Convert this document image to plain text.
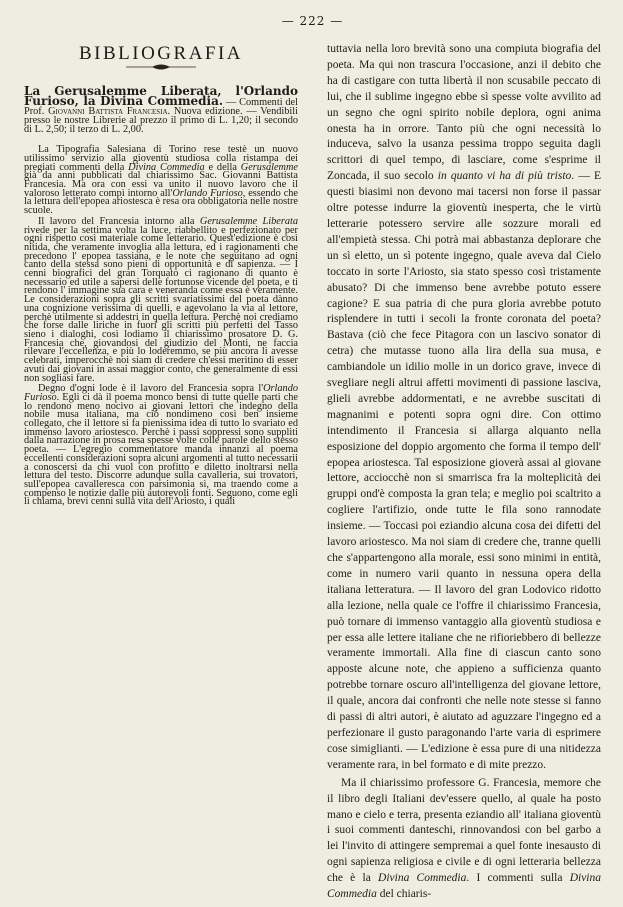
— 222 —
BIBLIOGRAFIA

La Gerusalemme Liberata, l'Orlando Furioso, la Divina Commedia. — Commenti del Prof. Giovanni Battista Francesia. Nuova edizione. — Vendibili presso le nostre Librerie al prezzo il primo di L. 1,20; il secondo di L. 2,50; il terzo di L. 2,00.

La Tipografia Salesiana di Torino rese testè un nuovo utilissimo servizio alla gioventù studiosa colla ristampa dei pregiati commenti della Divina Commedia e della Gerusalemme già da anni pubblicati dal chiarissimo Sac. Giovanni Battista Francesia. Ma ora con essi va unito il nuovo lavoro che il valoroso letterato compì intorno all'Orlando Furioso, essendo che la lettura dell'epopea ariostesca è resa ora obbligatoria nelle nostre scuole.

Il lavoro del Francesia intorno alla Gerusalemme Liberata rivede per la settima volta la luce, riabbellito e perfezionato per ogni rispetto così materiale come letterario. Quest'edizione è così nitida, che veramente invoglia alla lettura, ed i ragionamenti che precedono l' epopea tassiana, e le note che seguitano ad ogni canto della stessa sono pieni di opportunità e di sapienza. — I cenni biografici del gran Torquato ci ragionano di quanto è necessario ed utile a sapersi delle fortunose vicende del poeta, e ti rendono l' immagine sua cara e veneranda come essa è veramente. Le considerazioni sopra gli scritti svariatissimi del poeta dànno una cognizione verissima di quelli, e agevolano la via al lettore, perchè utilmente si addestri in quella lettura. Perchè noi crediamo che forse dalle liriche in fuori gli scritti più perfetti del Tasso sieno i dialoghi, così lodiamo il chiarissimo prosatore D. G. Francesia che, giovandosi del giudizio del Monti, ne faccia rilevare l'eccellenza, e più lo loderemmo, se più ancora li avesse celebrati, imperocchè noi siam di credere ch'essi meritino di esser avuti dai giovani in assai maggior conto, che generalmente di essi non sogliasi fare.

Degno d'ogni lode è il lavoro del Francesia sopra l'Orlando Furioso. Egli ci dà il poema monco bensì di tutte quelle parti che lo rendono meno nocivo ai giovani lettori che indegno della nobile musa italiana, ma ciò nondimeno così ben insieme collegato, che il lettore si fa pienissima idea di tutto lo svariato ed immenso lavoro ariostesco. Perchè i passi soppressi sono suppliti dalla narrazione in prosa resa spesse volte colle parole dello stesso poeta. — L'egregio commentatore manda innanzi al poema eccellenti considerazioni sopra alcuni argomenti al tutto necessarii a conoscersi da chi vuol con profitto e diletto inoltrarsi nella lettura del testo. Discorre adunque sulla cavalleria, sui trovatori, sull'epopea cavalleresca con parsimonia sì, ma traendo come a compenso le notizie dalle più autorevoli fonti. Seguono, come egli li chiama, brevi cenni sulla vita dell'Ariosto, i quali

tuttavia nella loro brevità sono una compiuta biografia del poeta. Ma qui non trascura l'occasione, anzi il debito che ha di castigare con tutta libertà il non scusabile peccato di lui, che il sublime ingegno ebbe sì spesse volte avvilito ad un segno che ogni spirito nobile deplora, ogni anima onesta ha in orrore. Tanto più che ogni necessità lo induceva, salvo la usanza pessima troppo seguita dagli scrittori di quel tempo, di lasciare, come s'esprime il Zoncada, il suo secolo in quanto vi ha di più tristo. — E questi biasimi non devono mai tacersi non forse il passar oltre potesse indurre la gioventù inesperta, che le virtù letterarie potessero servire alle sozzure morali ed all'empietà stessa. Chi potrà mai abbastanza deplorare che un sì eletto, un sì potente ingegno, quale aveva dal Cielo toccato in sorte l'Ariosto, sia stato spesso così tristamente abusato? Di che immenso bene avrebbe potuto essere cagione? E sua patria di che pura gloria avrebbe potuto risplendere in tutti i secoli la fronte coronata del poeta? Bastava (ciò che fece Pitagora con un lascivo sonator di cetra) che mutasse tuono alla lira della sua musa, e cambiandole un idilio molle in un dorico grave, invece di svegliare negli altrui affetti movimenti di passione lasciva, glieli avrebbe addormentati, e ne avrebbe suscitati di magnanimi e potenti sopra ogni dire. Con ottimo intendimento il Francesia si allarga alquanto nella esposizione del doppio argomento che forma il tempo dell' epopea ariostesca. Tal esposizione gioverà assai al giovane lettore, acciocchè non si smarrisca fra la molteplicità dei gruppi ond'è composta la gran tela; e meglio poi scaltrito a cogliere l'artifizio, onde tutte le fila sono rannodate insieme. — Toccasi poi eziandio alcuna cosa dei difetti del lavoro ariostesco. Ma noi siam di credere che, tranne quelli che s'appartengono alla morale, essi sono minimi in entità, come in numero varii quanto in nessuna opera della italiana letteratura. — Il lavoro del gran Lodovico ridotto alla lezione, nella quale ce l'offre il chiarissimo Francesia, può tornare di immenso vantaggio alla gioventù studiosa e per essa alle lettere italiane che ne rifioriebbero di bellezze veramente immortali. Alla fine di ciascun canto sono apposte alcune note, che appieno a sufficienza quanto potrebbe tornare oscuro all'intelligenza del giovane lettore, il quale, ancora dai confronti che nelle note stesse si fanno di passi di altri autori, è aiutato ad aguzzare l'ingegno ed a perfezionare il gusto paragonando l'arte varia di esprimere cose simiglianti. — L'edizione è essa pure di una nitidezza veramente rara, in bel formato e di mite prezzo.

Ma il chiarissimo professore G. Francesia, memore che il libro degli Italiani dev'essere quello, al quale ha posto mano e cielo e terra, presenta eziandio all' italiana gioventù i suoi commenti danteschi, rinnovandosi con bel garbo a lei l'invito di attingere sempremai a quel fonte inesausto di ogni sapienza religiosa e civile e di ogni letteraria bellezza che è la Divina Commedia. I commenti sulla Divina Commedia del chiaris-
